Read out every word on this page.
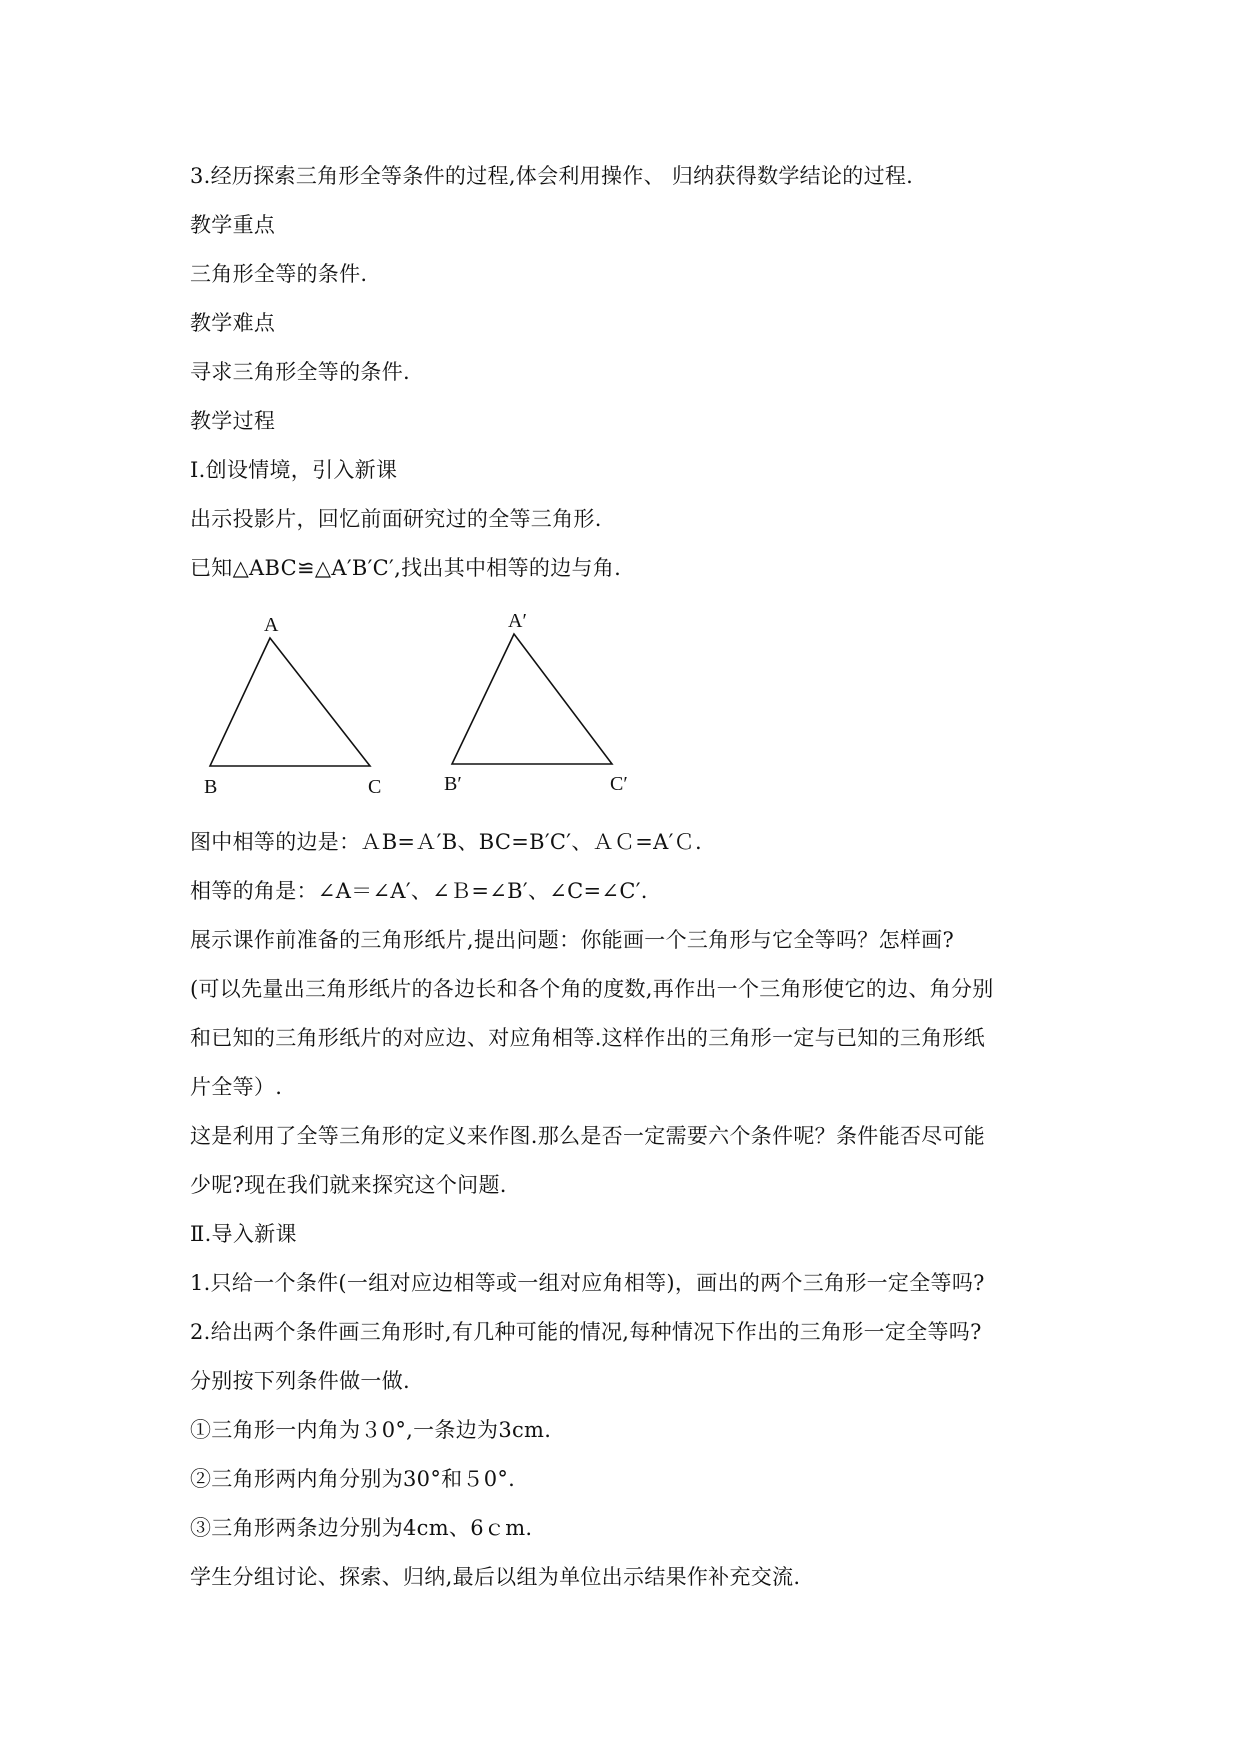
3.经历探索三角形全等条件的过程,体会利用操作、 归纳获得数学结论的过程.
教学重点
三角形全等的条件.
教学难点
寻求三角形全等的条件.
教学过程
Ⅰ.创设情境，引入新课
出示投影片，回忆前面研究过的全等三角形.
已知△ABC≌△A′B′C′,找出其中相等的边与角.
A
B	C
A′
B′	C′
图中相等的边是：ＡB=Ａ′B、BC=B′C′、ＡＣ=A′Ｃ.
相等的角是：∠A＝∠A′、∠Ｂ=∠B′、∠C=∠C′.
展示课作前准备的三角形纸片,提出问题：你能画一个三角形与它全等吗？怎样画?
(可以先量出三角形纸片的各边长和各个角的度数,再作出一个三角形使它的边、角分别
和已知的三角形纸片的对应边、对应角相等.这样作出的三角形一定与已知的三角形纸
片全等）.
这是利用了全等三角形的定义来作图.那么是否一定需要六个条件呢？条件能否尽可能
少呢?现在我们就来探究这个问题.
Ⅱ.导入新课
1.只给一个条件(一组对应边相等或一组对应角相等)，画出的两个三角形一定全等吗?
2.给出两个条件画三角形时,有几种可能的情况,每种情况下作出的三角形一定全等吗?
分别按下列条件做一做.
①三角形一内角为３0°,一条边为3cm.
②三角形两内角分别为30°和５0°.
③三角形两条边分别为4cm、6ｃm.
学生分组讨论、探索、归纳,最后以组为单位出示结果作补充交流.
